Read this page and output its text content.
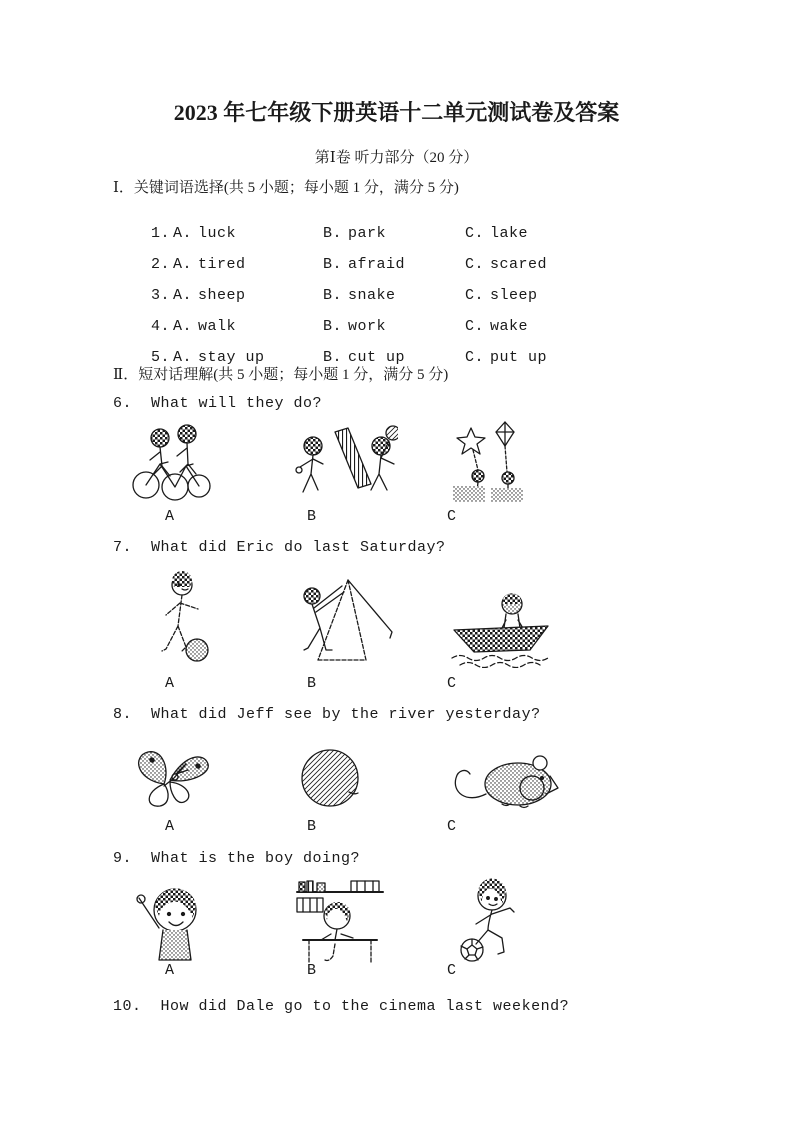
2023 年七年级下册英语十二单元测试卷及答案
第Ⅰ卷 听力部分（20 分）
Ⅰ．关键词语选择(共 5 小题；每小题 1 分，满分 5 分)

1. A. luck	B. park	C. lake

2. A. tired	B. afraid	C. scared

3. A. sheep	B. snake	C. sleep

4. A. walk	B. work	C. wake

5. A. stay up	B. cut up	C. put up

Ⅱ．短对话理解(共 5 小题；每小题 1 分，满分 5 分)
6.  What will they do?
A	B	C
7.  What did Eric do last Saturday?
A	B	C
8.  What did Jeff see by the river yesterday?
A	B	C
9.  What is the boy doing?
A	B	C
10.  How did Dale go to the cinema last weekend?
